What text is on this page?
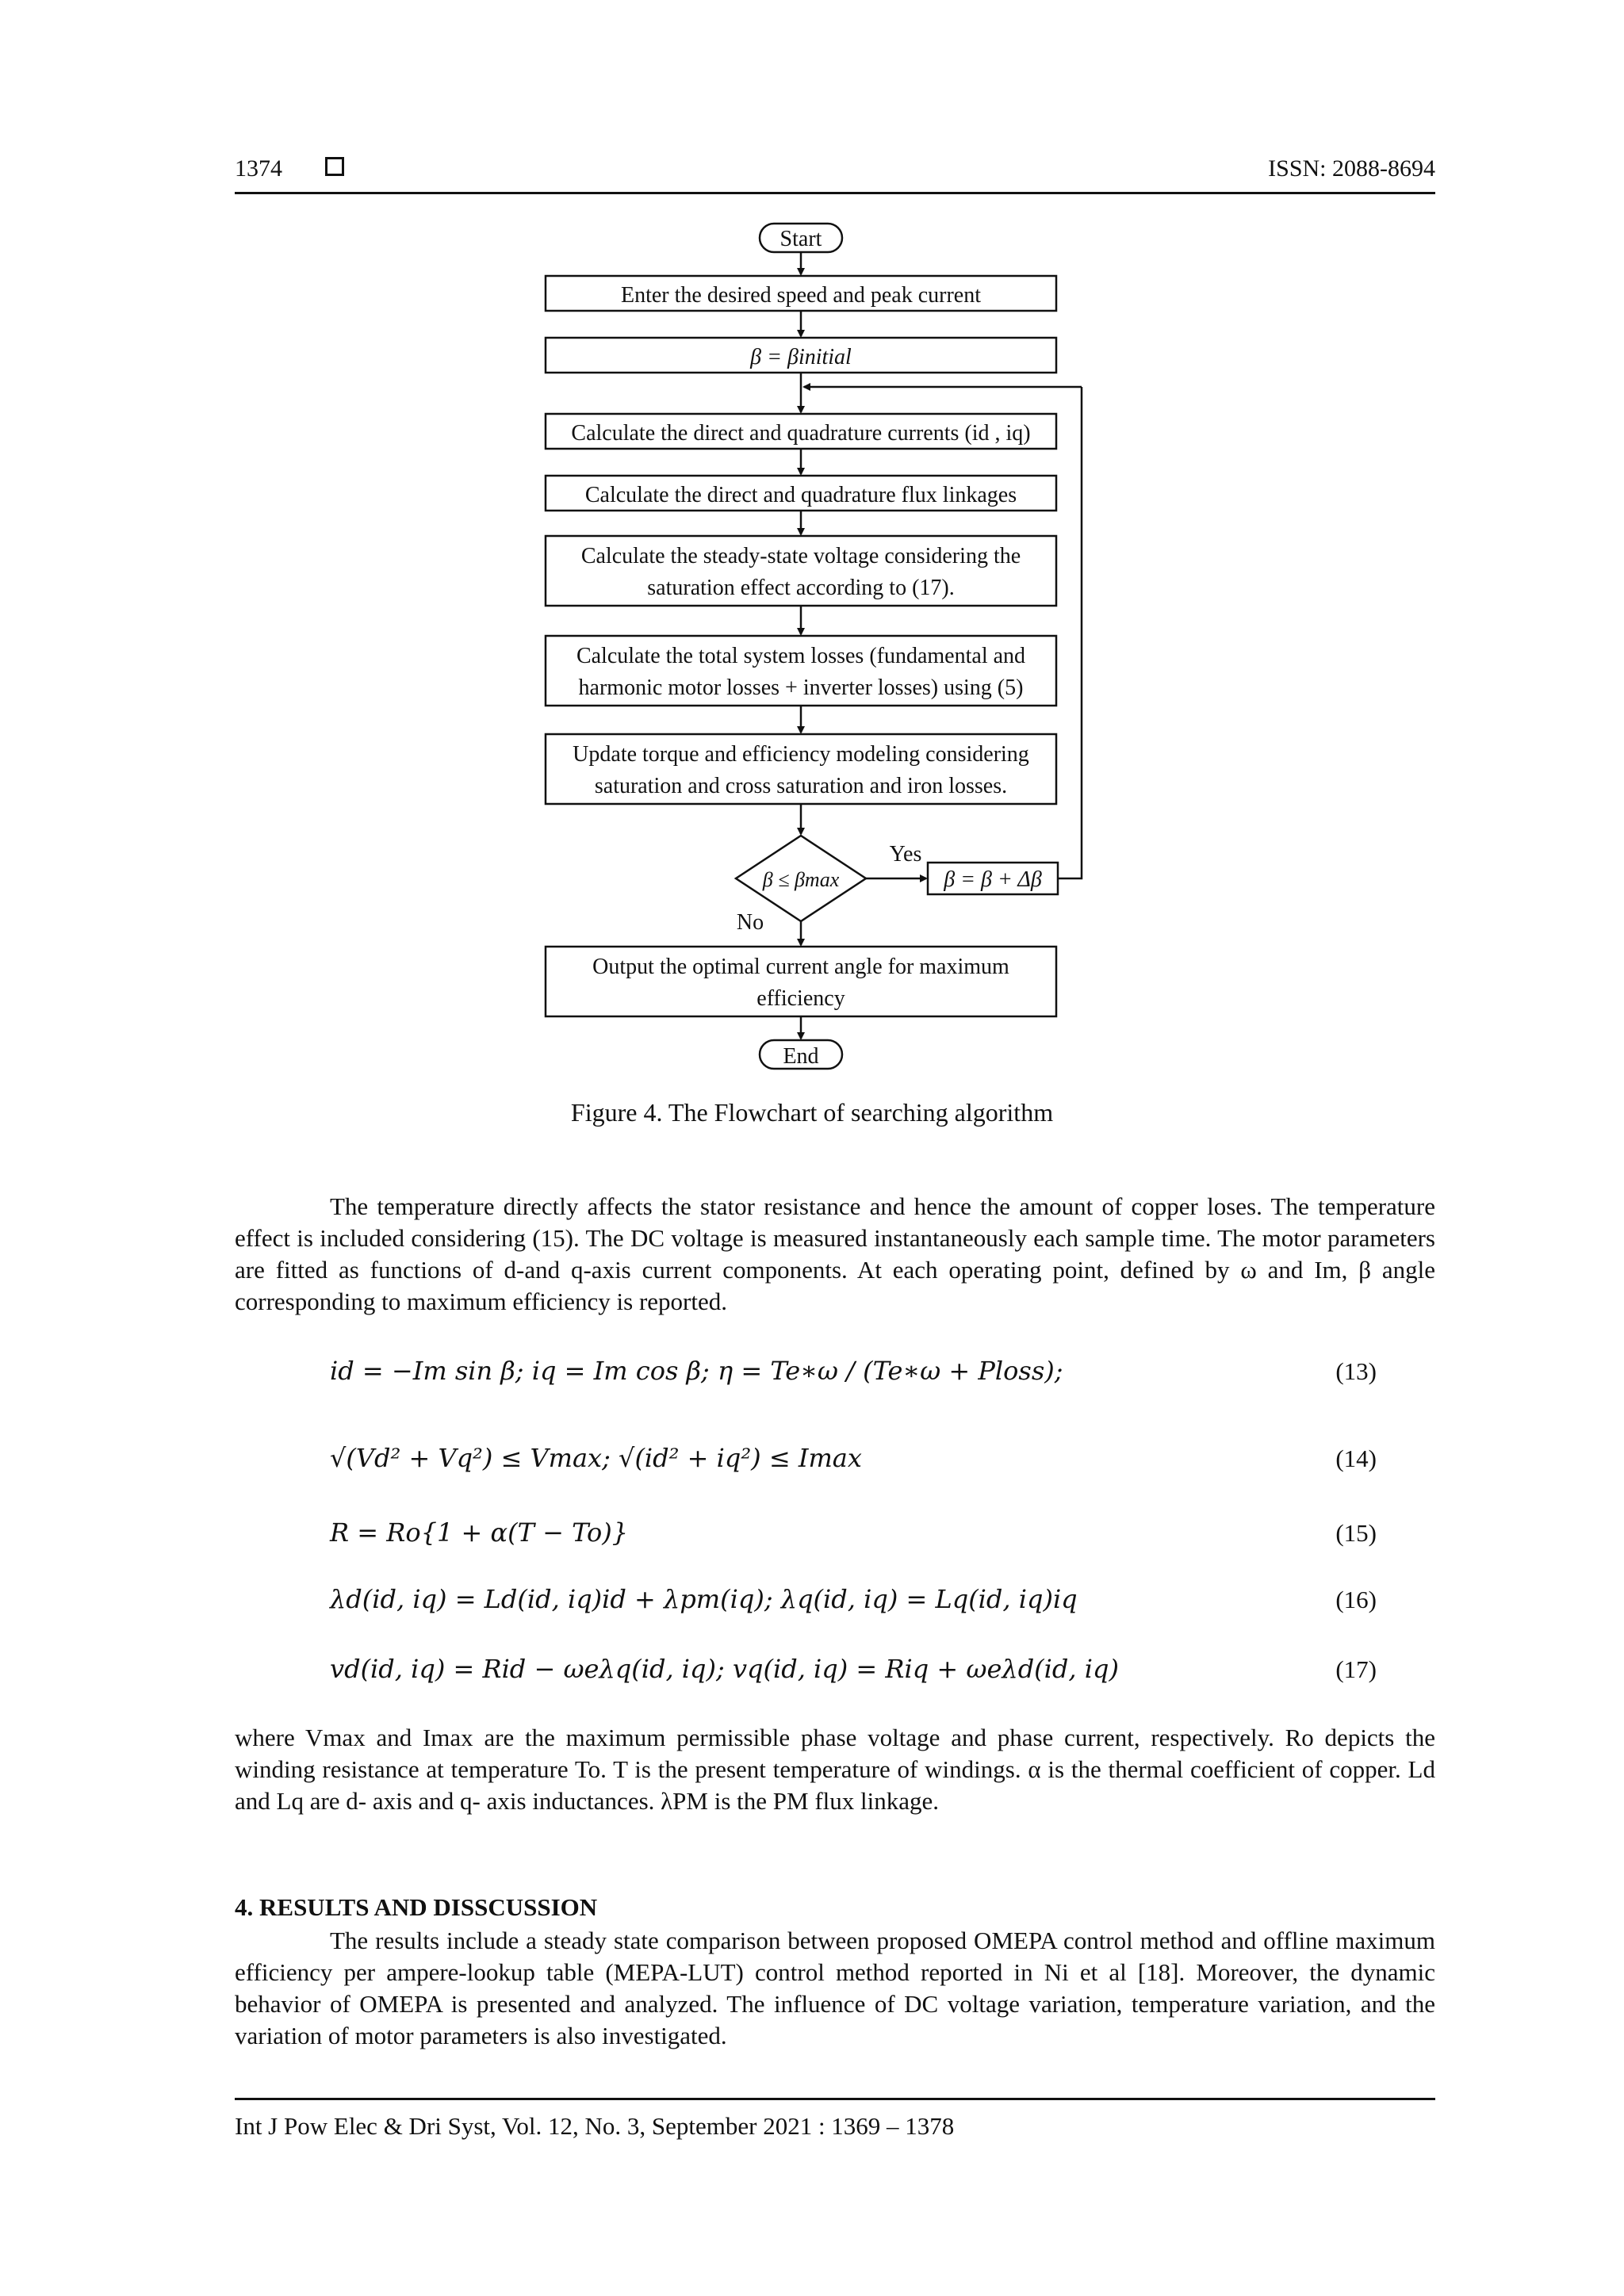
1374	ISSN: 2088-8694
Start
Enter the desired speed and peak current
β = βinitial
Calculate the direct and quadrature currents (id , iq)
Calculate the direct and quadrature flux linkages
Calculate the steady-state voltage considering the
saturation effect according to (17).
Calculate the total system losses (fundamental and
harmonic motor losses + inverter losses) using (5)
Update torque and efficiency modeling considering
saturation and cross saturation and iron losses.
β ≤ βmax
Yes
No
β = β + Δβ
Output the optimal current angle for maximum
efficiency
End
Figure 4. The Flowchart of searching algorithm
The temperature directly affects the stator resistance and hence the amount of copper loses. The temperature effect is included considering (15). The DC voltage is measured instantaneously each sample time. The motor parameters are fitted as functions of d-and q-axis current components. At each operating point, defined by ω and Im, β angle corresponding to maximum efficiency is reported.
id = −Im sin β; iq = Im cos β; η = Te∗ω / (Te∗ω + Ploss);	(13)
√(Vd² + Vq²) ≤ Vmax; √(id² + iq²) ≤ Imax	(14)
R = Ro{1 + α(T − To)}	(15)
λd(id, iq) = Ld(id, iq)id + λpm(iq); λq(id, iq) = Lq(id, iq)iq	(16)
vd(id, iq) = Rid − ωeλq(id, iq); vq(id, iq) = Riq + ωeλd(id, iq)	(17)
where Vmax and Imax are the maximum permissible phase voltage and phase current, respectively. Ro depicts the winding resistance at temperature To. T is the present temperature of windings. α is the thermal coefficient of copper. Ld and Lq are d- axis and q- axis inductances. λPM is the PM flux linkage.
4. RESULTS AND DISSCUSSION
The results include a steady state comparison between proposed OMEPA control method and offline maximum efficiency per ampere-lookup table (MEPA-LUT) control method reported in Ni et al [18]. Moreover, the dynamic behavior of OMEPA is presented and analyzed. The influence of DC voltage variation, temperature variation, and the variation of motor parameters is also investigated.
Int J Pow Elec & Dri Syst, Vol. 12, No. 3, September 2021 : 1369 – 1378
